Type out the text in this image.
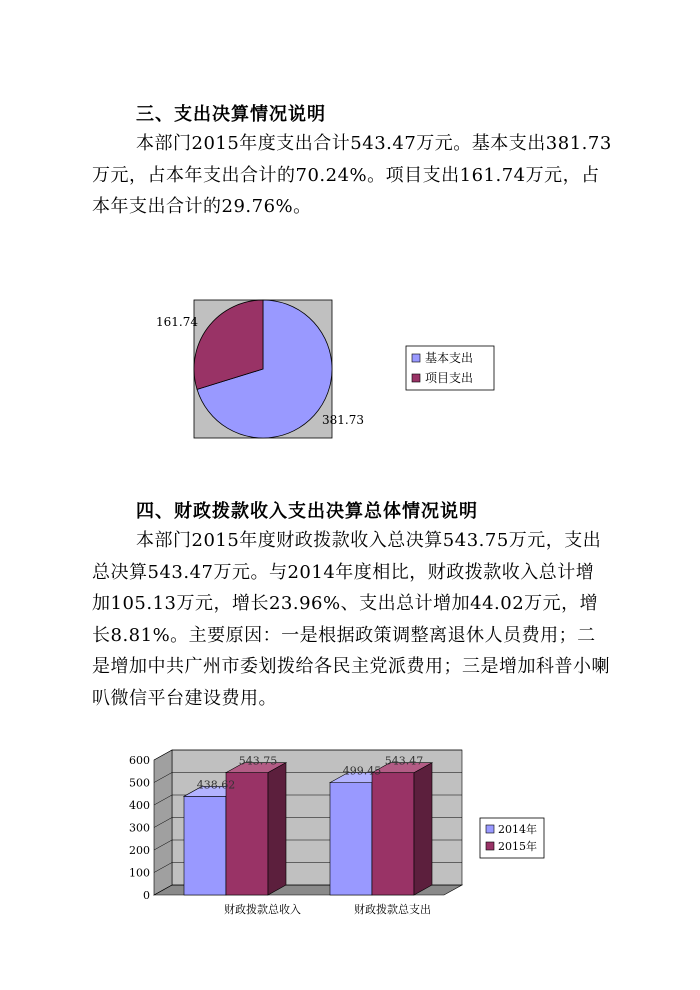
三、支出决算情况说明

本部门2015年度支出合计543.47万元。基本支出381.73万元，占本年支出合计的70.24%。项目支出161.74万元，占本年支出合计的29.76%。

381.73
161.74
基本支出
项目支出
四、财政拨款收入支出决算总体情况说明

本部门2015年度财政拨款收入总决算543.75万元，支出总决算543.47万元。与2014年度相比，财政拨款收入总计增加105.13万元，增长23.96%、支出总计增加44.02万元，增长8.81%。主要原因：一是根据政策调整离退休人员费用；二是增加中共广州市委划拨给各民主党派费用；三是增加科普小喇叭微信平台建设费用。

0
100
200
300
400
500
600
438.62
543.75
499.45
543.47
财政拨款总收入	财政拨款总支出
2014年
2015年
